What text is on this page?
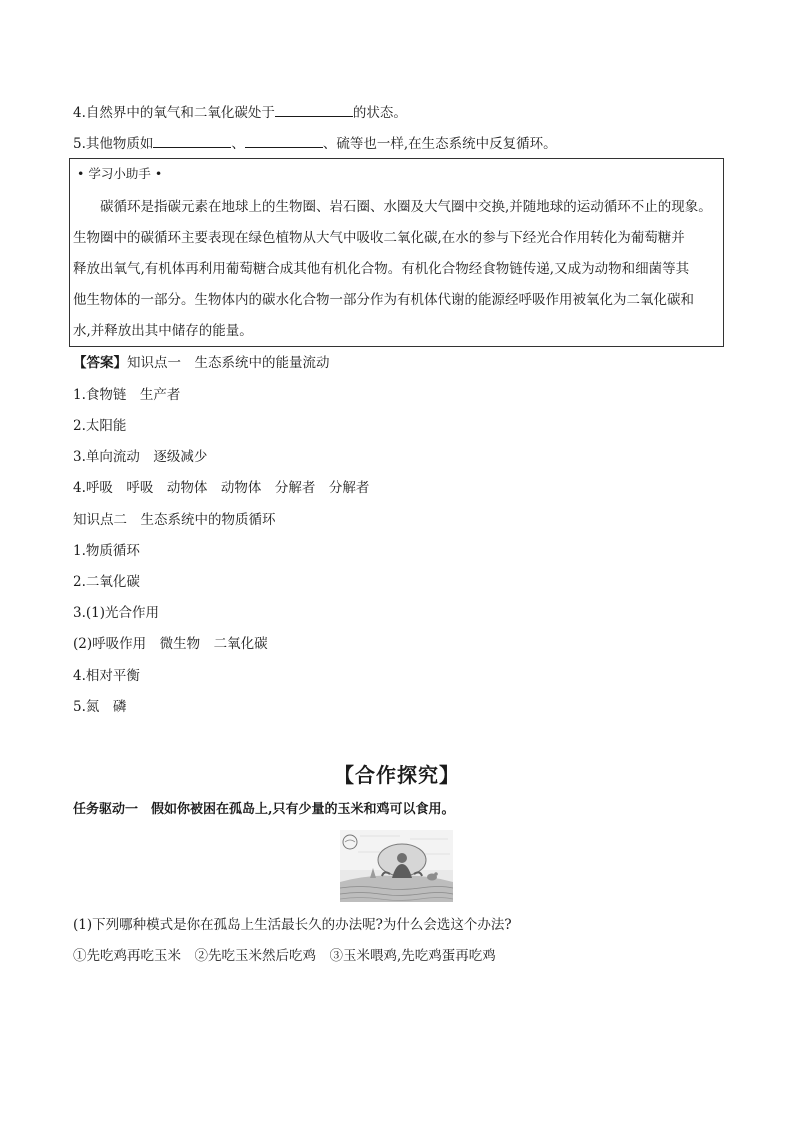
4.自然界中的氧气和二氧化碳处于	的状态。
5.其他物质如	、	、硫等也一样,在生态系统中反复循环。
• 学习小助手 •
碳循环是指碳元素在地球上的生物圈、岩石圈、水圈及大气圈中交换,并随地球的运动循环不止的现象。
生物圈中的碳循环主要表现在绿色植物从大气中吸收二氧化碳,在水的参与下经光合作用转化为葡萄糖并
释放出氧气,有机体再利用葡萄糖合成其他有机化合物。有机化合物经食物链传递,又成为动物和细菌等其
他生物体的一部分。生物体内的碳水化合物一部分作为有机体代谢的能源经呼吸作用被氧化为二氧化碳和
水,并释放出其中储存的能量。
【答案】知识点一　生态系统中的能量流动
1.食物链　生产者
2.太阳能
3.单向流动　逐级减少
4.呼吸　呼吸　动物体　动物体　分解者　分解者
知识点二　生态系统中的物质循环
1.物质循环
2.二氧化碳
3.(1)光合作用
(2)呼吸作用　微生物　二氧化碳
4.相对平衡
5.氮　磷
【合作探究】
任务驱动一　假如你被困在孤岛上,只有少量的玉米和鸡可以食用。
(1)下列哪种模式是你在孤岛上生活最长久的办法呢?为什么会选这个办法?
①先吃鸡再吃玉米　②先吃玉米然后吃鸡　③玉米喂鸡,先吃鸡蛋再吃鸡
